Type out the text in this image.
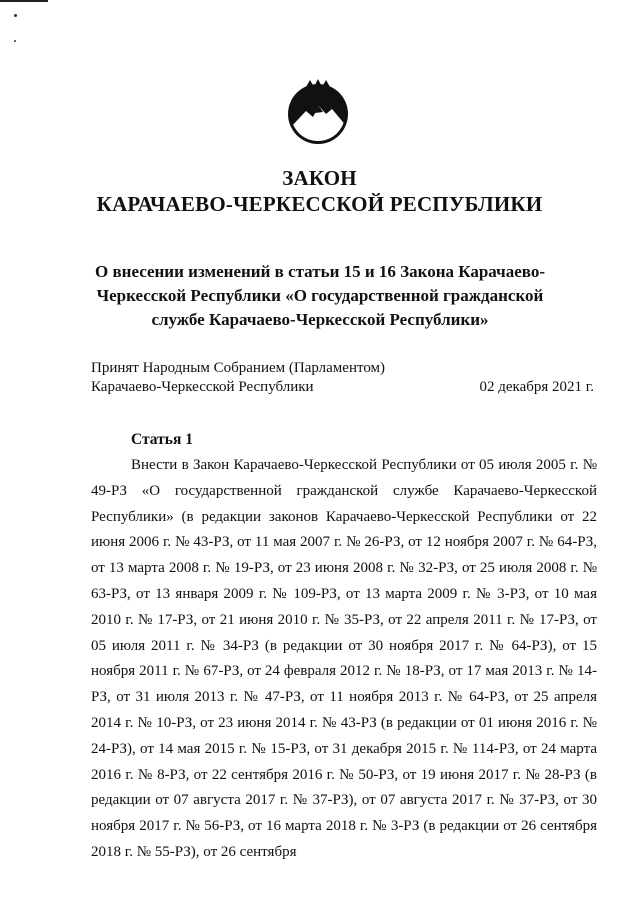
ЗАКОН
КАРАЧАЕВО-ЧЕРКЕССКОЙ РЕСПУБЛИКИ
О внесении изменений в статьи 15 и 16 Закона Карачаево-
Черкесской Республики «О государственной гражданской
службе Карачаево-Черкесской Республики»
Принят Народным Собранием (Парламентом)
Карачаево-Черкесской Республики	02 декабря 2021 г.
Статья 1

Внести в Закон Карачаево-Черкесской Республики от 05 июля 2005 г. № 49-РЗ «О государственной гражданской службе Карачаево-Черкесской Республики» (в редакции законов Карачаево-Черкесской Республики от 22 июня 2006 г. № 43-РЗ, от 11 мая 2007 г. № 26-РЗ, от 12 ноября 2007 г. № 64-РЗ, от 13 марта 2008 г. № 19-РЗ, от 23 июня 2008 г. № 32-РЗ, от 25 июля 2008 г. № 63-РЗ, от 13 января 2009 г. № 109-РЗ, от 13 марта 2009 г. № 3-РЗ, от 10 мая 2010 г. № 17-РЗ, от 21 июня 2010 г. № 35-РЗ, от 22 апреля 2011 г. № 17-РЗ, от 05 июля 2011 г. № 34-РЗ (в редакции от 30 ноября 2017 г. № 64-РЗ), от 15 ноября 2011 г. № 67-РЗ, от 24 февраля 2012 г. № 18-РЗ, от 17 мая 2013 г. № 14-РЗ, от 31 июля 2013 г. № 47-РЗ, от 11 ноября 2013 г. № 64-РЗ, от 25 апреля 2014 г. № 10-РЗ, от 23 июня 2014 г. № 43-РЗ (в редакции от 01 июня 2016 г. № 24-РЗ), от 14 мая 2015 г. № 15-РЗ, от 31 декабря 2015 г. № 114-РЗ, от 24 марта 2016 г. № 8-РЗ, от 22 сентября 2016 г. № 50-РЗ, от 19 июня 2017 г. № 28-РЗ (в редакции от 07 августа 2017 г. № 37-РЗ), от 07 августа 2017 г. № 37-РЗ, от 30 ноября 2017 г. № 56-РЗ, от 16 марта 2018 г. № 3-РЗ (в редакции от 26 сентября 2018 г. № 55-РЗ), от 26 сентября
